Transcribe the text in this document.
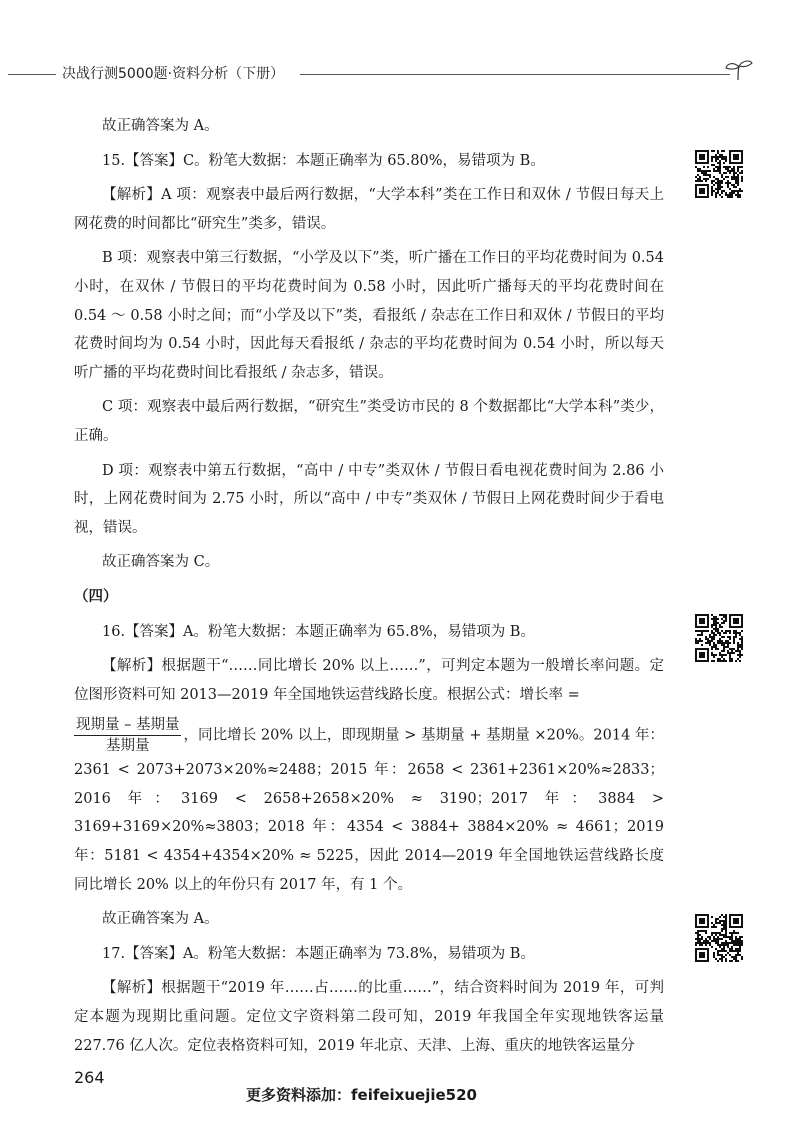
决战行测5000题·资料分析（下册）

故正确答案为 A。

15.【答案】C。粉笔大数据：本题正确率为 65.80%，易错项为 B。

【解析】A 项：观察表中最后两行数据，“大学本科”类在工作日和双休 / 节假日每天上网花费的时间都比“研究生”类多，错误。

B 项：观察表中第三行数据，“小学及以下”类，听广播在工作日的平均花费时间为 0.54 小时，在双休 / 节假日的平均花费时间为 0.58 小时，因此听广播每天的平均花费时间在 0.54 ～ 0.58 小时之间；而“小学及以下”类，看报纸 / 杂志在工作日和双休 / 节假日的平均花费时间均为 0.54 小时，因此每天看报纸 / 杂志的平均花费时间为 0.54 小时，所以每天听广播的平均花费时间比看报纸 / 杂志多，错误。

C 项：观察表中最后两行数据，“研究生”类受访市民的 8 个数据都比“大学本科”类少，正确。

D 项：观察表中第五行数据，“高中 / 中专”类双休 / 节假日看电视花费时间为 2.86 小时，上网花费时间为 2.75 小时，所以“高中 / 中专”类双休 / 节假日上网花费时间少于看电视，错误。

故正确答案为 C。

（四）

16.【答案】A。粉笔大数据：本题正确率为 65.8%，易错项为 B。

【解析】根据题干“……同比增长 20% 以上……”，可判定本题为一般增长率问题。定位图形资料可知 2013—2019 年全国地铁运营线路长度。根据公式：增长率 =

$\frac{\text{现期量 – 基期量}}{\text{基期量}}$ ，同比增长 20% 以上，即现期量 > 基期量 + 基期量 ×20%。2014 年：2361 < 2073+2073×20%≈2488；2015 年：2658 < 2361+2361×20%≈2833；2016 年：3169 < 2658+2658×20% ≈ 3190；2017 年：3884 > 3169+3169×20%≈3803；2018 年：4354 < 3884+ 3884×20% ≈ 4661；2019 年：5181 < 4354+4354×20% ≈ 5225，因此 2014—2019 年全国地铁运营线路长度同比增长 20% 以上的年份只有 2017 年，有 1 个。

故正确答案为 A。

17.【答案】A。粉笔大数据：本题正确率为 73.8%，易错项为 B。

【解析】根据题干“2019 年……占……的比重……”，结合资料时间为 2019 年，可判定本题为现期比重问题。定位文字资料第二段可知，2019 年我国全年实现地铁客运量 227.76 亿人次。定位表格资料可知，2019 年北京、天津、上海、重庆的地铁客运量分

264
更多资料添加：feifeixuejie520
